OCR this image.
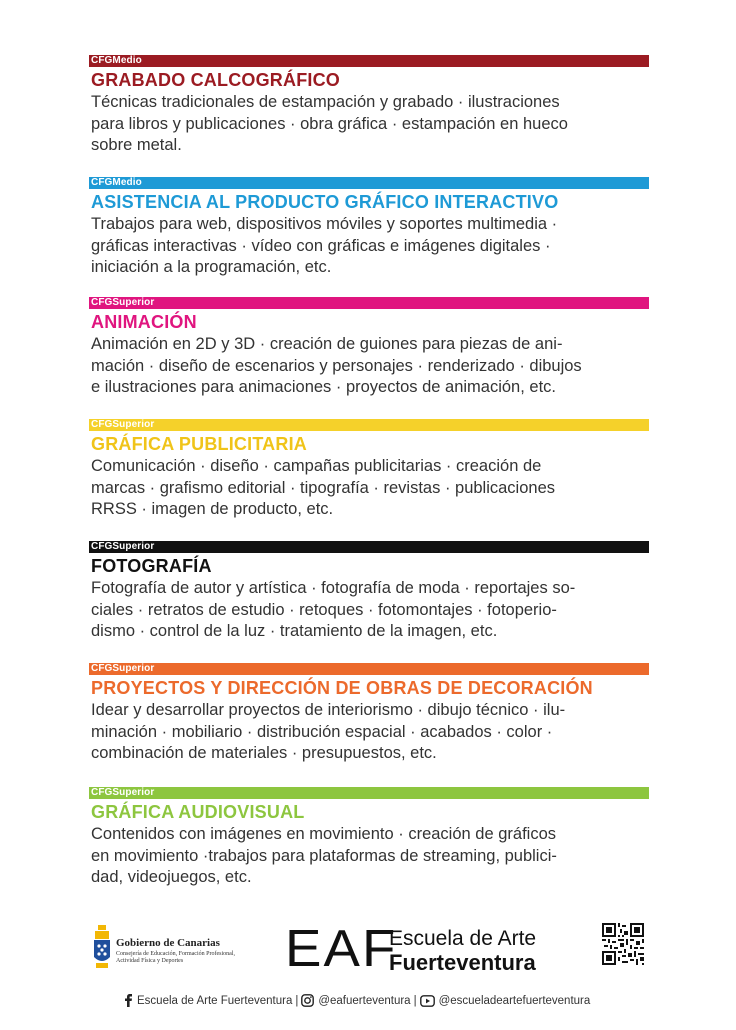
CFGMedio
GRABADO CALCOGRÁFICO
Técnicas tradicionales de estampación y grabado · ilustraciones
para libros y publicaciones · obra gráfica · estampación en hueco
sobre metal.
CFGMedio
ASISTENCIA AL PRODUCTO GRÁFICO INTERACTIVO
Trabajos para web, dispositivos móviles y soportes multimedia ·
gráficas interactivas · vídeo con gráficas e imágenes digitales ·
iniciación a la programación, etc.
CFGSuperior
ANIMACIÓN
Animación en 2D y 3D · creación de guiones para piezas de ani-
mación · diseño de escenarios y personajes · renderizado · dibujos
e ilustraciones para animaciones · proyectos de animación, etc.
CFGSuperior
GRÁFICA PUBLICITARIA
Comunicación · diseño · campañas publicitarias · creación de
marcas · grafismo editorial · tipografía · revistas · publicaciones
RRSS · imagen de producto, etc.
CFGSuperior
FOTOGRAFÍA
Fotografía de autor y artística · fotografía de moda · reportajes so-
ciales · retratos de estudio · retoques · fotomontajes · fotoperio-
dismo · control de la luz · tratamiento de la imagen, etc.
CFGSuperior
PROYECTOS Y DIRECCIÓN DE OBRAS DE DECORACIÓN
Idear y desarrollar proyectos de interiorismo · dibujo técnico · ilu-
minación · mobiliario · distribución espacial · acabados · color ·
combinación de materiales · presupuestos, etc.
CFGSuperior
GRÁFICA AUDIOVISUAL
Contenidos con imágenes en movimiento · creación de gráficos
en movimiento ·trabajos para plataformas de streaming, publici-
dad, videojuegos, etc.
Gobierno de Canarias
Consejería de Educación, Formación Profesional, Actividad Física y Deportes	EAF
Escuela de Arte
Fuerteventura
Escuela de Arte Fuerteventura | @eafuerteventura | @escueladeartefuerteventura
